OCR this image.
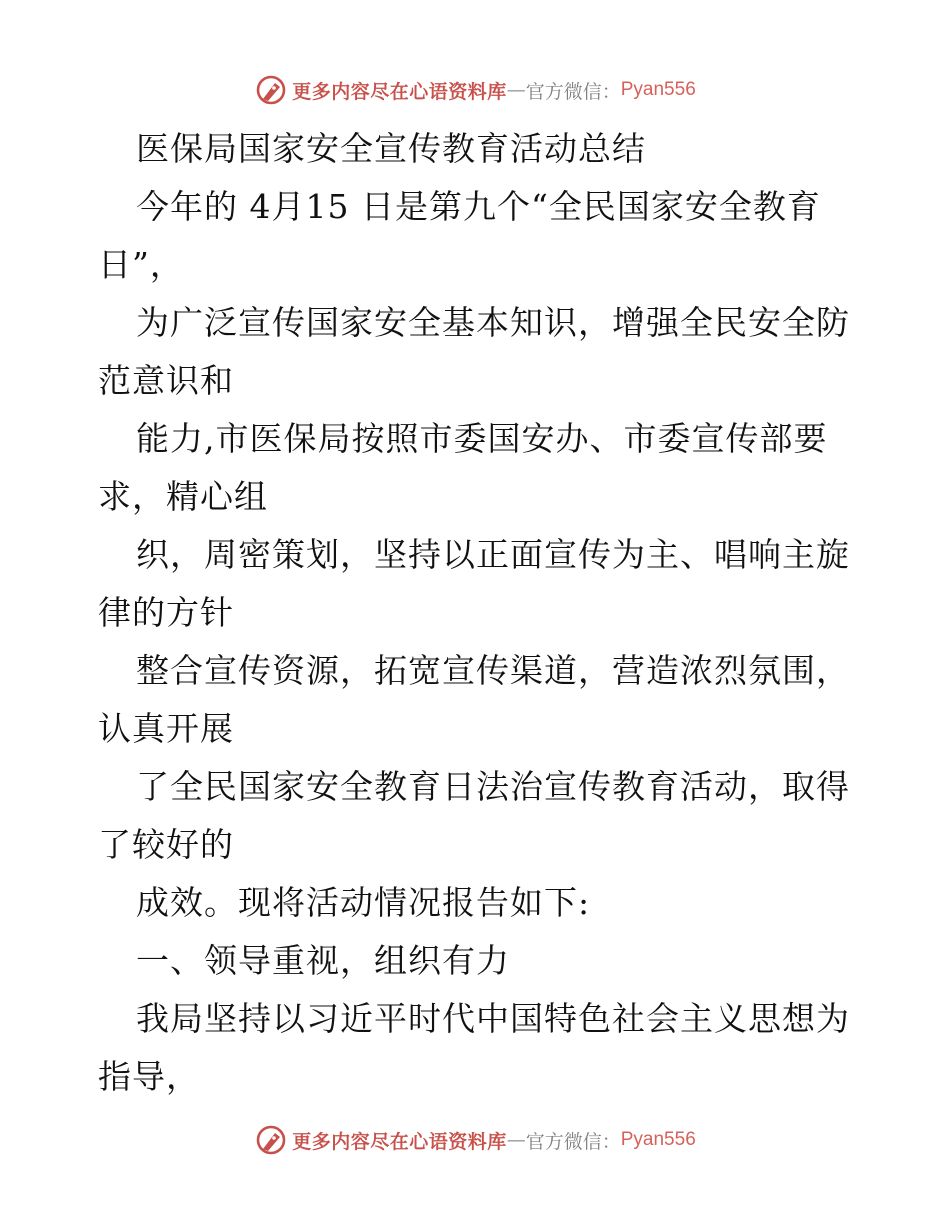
更多内容尽在心语资料库 — 官方微信： Pyan556
医保局国家安全宣传教育活动总结
今年的 4月15 日是第九个“全民国家安全教育
日”，
为广泛宣传国家安全基本知识，增强全民安全防
范意识和
能力,市医保局按照市委国安办、市委宣传部要
求，精心组
织，周密策划，坚持以正面宣传为主、唱响主旋
律的方针
整合宣传资源，拓宽宣传渠道，营造浓烈氛围，
认真开展
了全民国家安全教育日法治宣传教育活动，取得
了较好的
成效。现将活动情况报告如下:
一、领导重视，组织有力
我局坚持以习近平时代中国特色社会主义思想为
指导，
更多内容尽在心语资料库 — 官方微信： Pyan556
